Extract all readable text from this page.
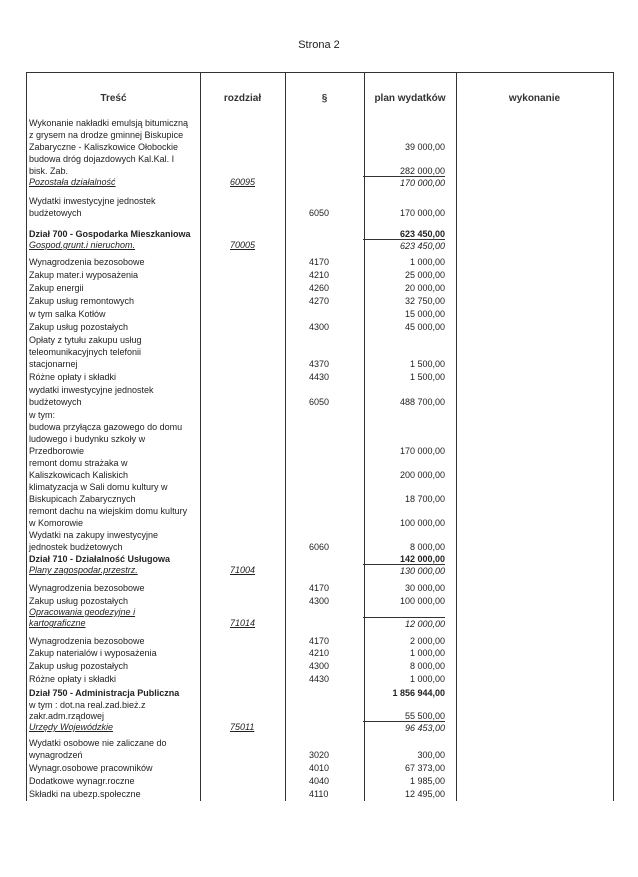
Strona 2
Treść	rozdział	§	plan wydatków	wykonanie
Wykonanie nakładki emulsją bitumiczną
z grysem na drodze gminnej Biskupice
Zabaryczne - Kaliszkowice Ołobockie	39 000,00
budowa dróg dojazdowych Kal.Kal. I
bisk. Zab.	282 000,00
Pozostała działalność	60095	170 000,00
Wydatki inwestycyjne jednostek
budżetowych	6050	170 000,00
Dział 700 - Gospodarka Mieszkaniowa	623 450,00
Gospod.grunt.i nieruchom.	70005	623 450,00
Wynagrodzenia bezosobowe	4170	1 000,00
Zakup mater.i wyposażenia	4210	25 000,00
Zakup energii	4260	20 000,00
Zakup usług remontowych	4270	32 750,00
w tym salka Kotłów	15 000,00
Zakup usług pozostałych	4300	45 000,00
Opłaty z tytułu zakupu usług
teleomunikacyjnych telefonii
stacjonarnej	4370	1 500,00
Różne opłaty i składki	4430	1 500,00
wydatki inwestycyjne jednostek
budżetowych	6050	488 700,00
w tym:
budowa przyłącza gazowego do domu
ludowego i budynku szkoły w
Przedborowie	170 000,00
remont domu strażaka w
Kaliszkowicach Kaliskich	200 000,00
klimatyzacja w Sali domu kultury w
Biskupicach Zabarycznych	18 700,00
remont dachu na wiejskim domu kultury
w Komorowie	100 000,00
Wydatki na zakupy inwestycyjne
jednostek budżetowych	6060	8 000,00
Dział 710 - Działalność Usługowa	142 000,00
Plany zagospodar.przestrz.	71004	130 000,00
Wynagrodzenia bezosobowe	4170	30 000,00
Zakup usług pozostałych	4300	100 000,00
Opracowania geodezyjne i
kartograficzne	71014	12 000,00
Wynagrodzenia bezosobowe	4170	2 000,00
Zakup naterialów i wyposażenia	4210	1 000,00
Zakup usług pozostałych	4300	8 000,00
Różne opłaty i składki	4430	1 000,00
Dział 750 - Administracja Publiczna	1 856 944,00
w tym : dot.na real.zad.bież.z
zakr.adm.rządowej	55 500,00
Urzędy Wojewódzkie	75011	96 453,00
Wydatki osobowe nie zaliczane do
wynagrodzeń	3020	300,00
Wynagr.osobowe pracowników	4010	67 373,00
Dodatkowe wynagr.roczne	4040	1 985,00
Składki na ubezp.społeczne	4110	12 495,00
